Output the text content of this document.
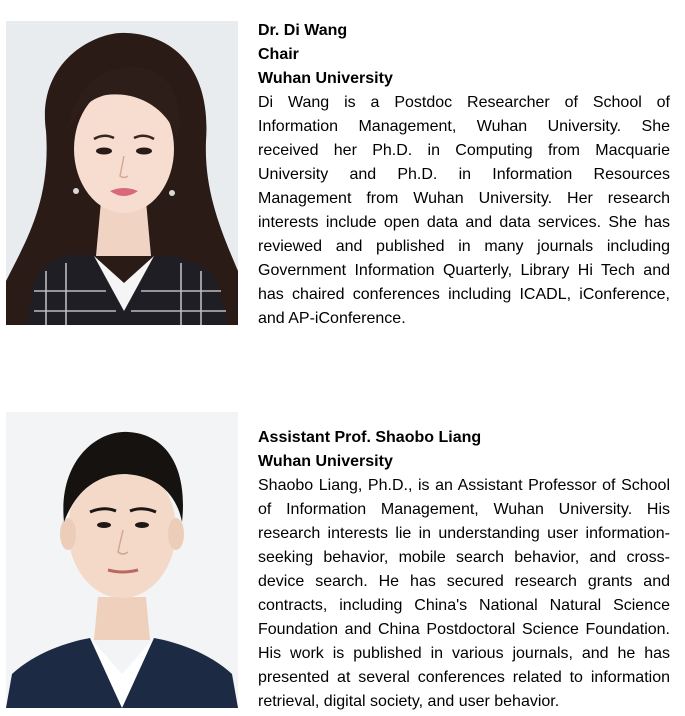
Dr. Di Wang
Chair
Wuhan University
Di Wang is a Postdoc Researcher of School of Information Management, Wuhan University. She received her Ph.D. in Computing from Macquarie University and Ph.D. in Information Resources Management from Wuhan University. Her research interests include open data and data services. She has reviewed and published in many journals including Government Information Quarterly, Library Hi Tech and has chaired conferences including ICADL, iConference, and AP-iConference.
Assistant Prof. Shaobo Liang
Wuhan University
Shaobo Liang, Ph.D., is an Assistant Professor of School of Information Management, Wuhan University. His research interests lie in understanding user information-seeking behavior, mobile search behavior, and cross-device search. He has secured research grants and contracts, including China's National Natural Science Foundation and China Postdoctoral Science Foundation. His work is published in various journals, and he has presented at several conferences related to information retrieval, digital society, and user behavior.
